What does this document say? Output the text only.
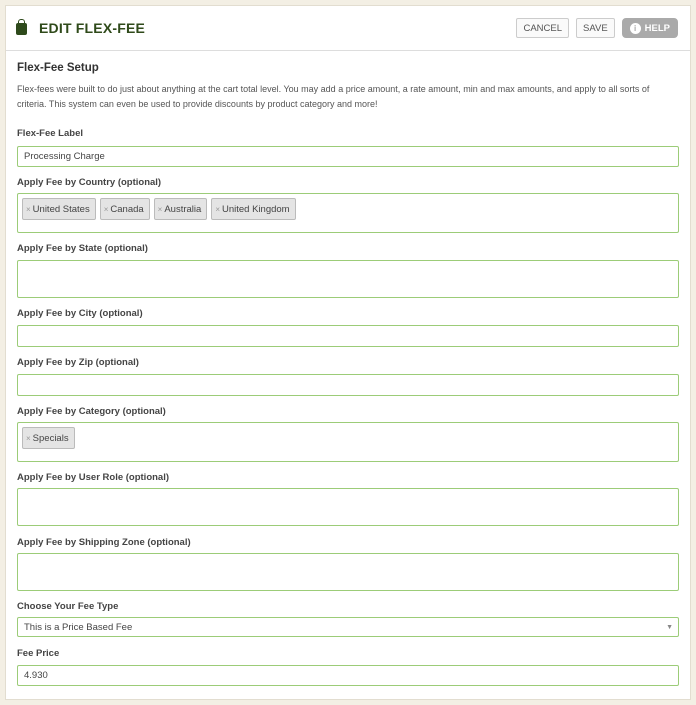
EDIT FLEX-FEE	CANCEL	SAVE	i HELP
Flex-Fee Setup

Flex-fees were built to do just about anything at the cart total level. You may add a price amount, a rate amount, min and max amounts, and apply to all sorts of criteria. This system can even be used to provide discounts by product category and more!

Flex-Fee Label
Processing Charge
Apply Fee by Country (optional)
× United States × Canada × Australia × United Kingdom
Apply Fee by State (optional)
Apply Fee by City (optional)
Apply Fee by Zip (optional)
Apply Fee by Category (optional)
× Specials
Apply Fee by User Role (optional)
Apply Fee by Shipping Zone (optional)
Choose Your Fee Type
This is a Price Based Fee	▼
Fee Price
4.930
